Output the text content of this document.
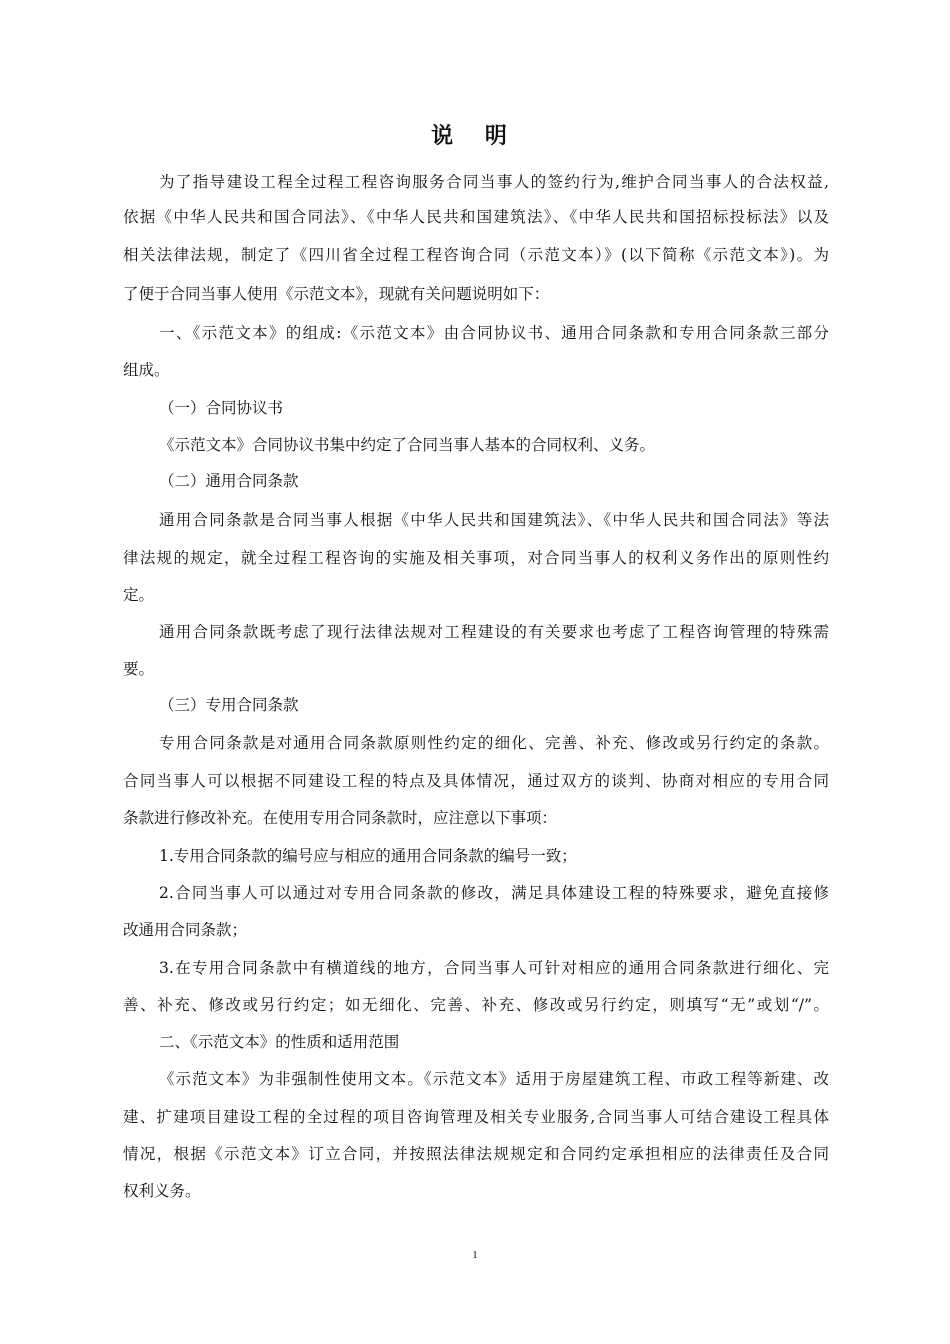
说 明
为了指导建设工程全过程工程咨询服务合同当事人的签约行为,维护合同当事人的合法权益,
依据《中华人民共和国合同法》、《中华人民共和国建筑法》、《中华人民共和国招标投标法》以及
相关法律法规，制定了《四川省全过程工程咨询合同（示范文本）》(以下简称《示范文本》)。为
了便于合同当事人使用《示范文本》，现就有关问题说明如下：
一、《示范文本》的组成:《示范文本》由合同协议书、通用合同条款和专用合同条款三部分
组成。
（一）合同协议书
《示范文本》合同协议书集中约定了合同当事人基本的合同权利、义务。
（二）通用合同条款
通用合同条款是合同当事人根据《中华人民共和国建筑法》、《中华人民共和国合同法》等法
律法规的规定，就全过程工程咨询的实施及相关事项，对合同当事人的权利义务作出的原则性约
定。
通用合同条款既考虑了现行法律法规对工程建设的有关要求也考虑了工程咨询管理的特殊需
要。
（三）专用合同条款
专用合同条款是对通用合同条款原则性约定的细化、完善、补充、修改或另行约定的条款。
合同当事人可以根据不同建设工程的特点及具体情况，通过双方的谈判、协商对相应的专用合同
条款进行修改补充。在使用专用合同条款时，应注意以下事项：
1.专用合同条款的编号应与相应的通用合同条款的编号一致；
2.合同当事人可以通过对专用合同条款的修改，满足具体建设工程的特殊要求，避免直接修
改通用合同条款；
3.在专用合同条款中有横道线的地方，合同当事人可针对相应的通用合同条款进行细化、完
善、补充、修改或另行约定；如无细化、完善、补充、修改或另行约定，则填写“无”或划“/”。
二、《示范文本》的性质和适用范围
《示范文本》为非强制性使用文本。《示范文本》适用于房屋建筑工程、市政工程等新建、改
建、扩建项目建设工程的全过程的项目咨询管理及相关专业服务,合同当事人可结合建设工程具体
情况，根据《示范文本》订立合同，并按照法律法规规定和合同约定承担相应的法律责任及合同
权利义务。
1
